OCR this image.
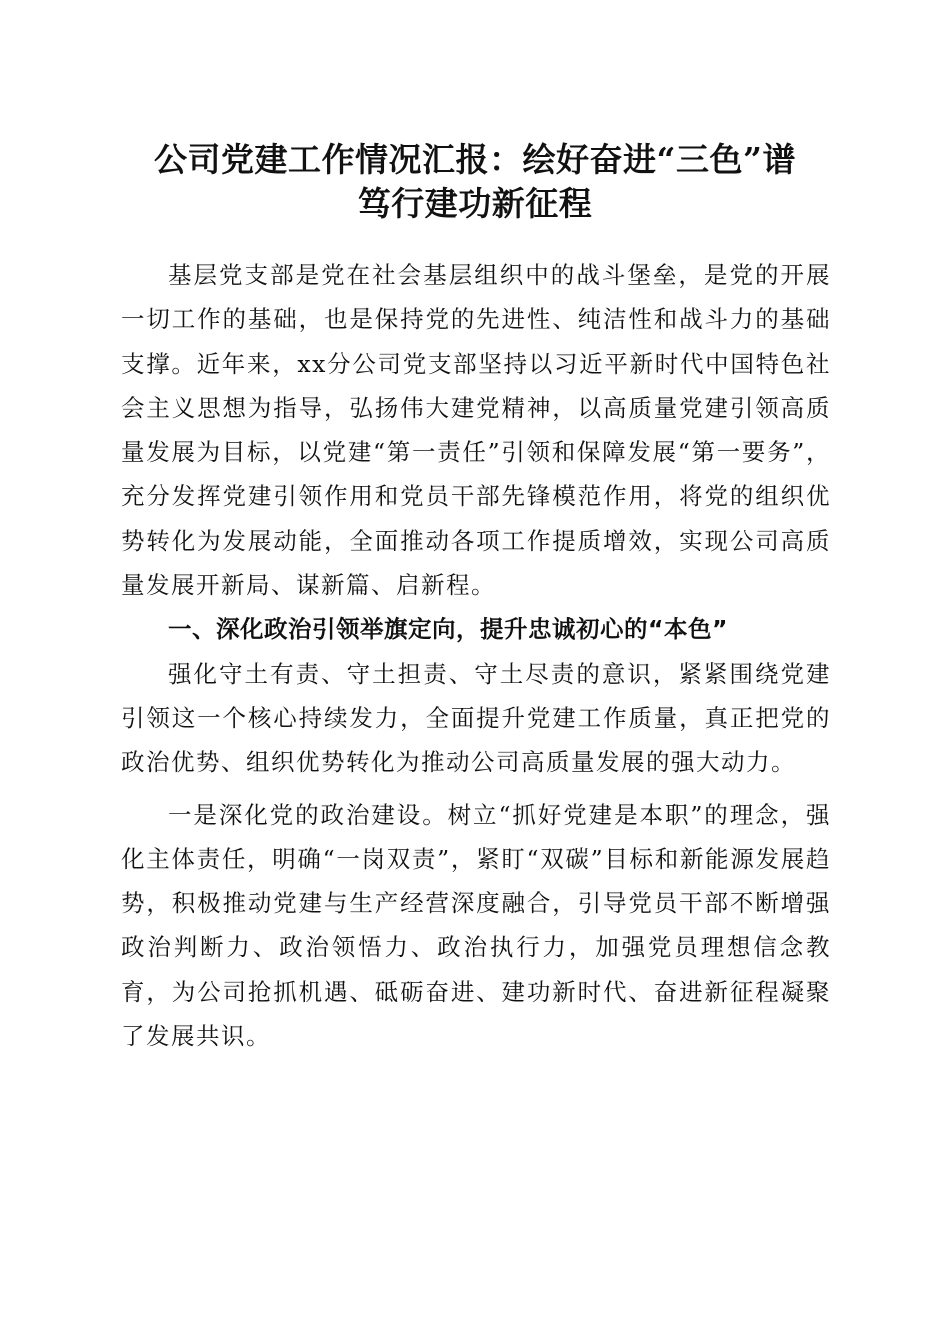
公司党建工作情况汇报：绘好奋进“三色”谱
笃行建功新征程

基层党支部是党在社会基层组织中的战斗堡垒，是党的开展一切工作的基础，也是保持党的先进性、纯洁性和战斗力的基础支撑。近年来，xx分公司党支部坚持以习近平新时代中国特色社会主义思想为指导，弘扬伟大建党精神，以高质量党建引领高质量发展为目标，以党建“第一责任”引领和保障发展“第一要务”，充分发挥党建引领作用和党员干部先锋模范作用，将党的组织优势转化为发展动能，全面推动各项工作提质增效，实现公司高质量发展开新局、谋新篇、启新程。

一、深化政治引领举旗定向，提升忠诚初心的“本色”

强化守土有责、守土担责、守土尽责的意识，紧紧围绕党建引领这一个核心持续发力，全面提升党建工作质量，真正把党的政治优势、组织优势转化为推动公司高质量发展的强大动力。

一是深化党的政治建设。树立“抓好党建是本职”的理念，强化主体责任，明确“一岗双责”，紧盯“双碳”目标和新能源发展趋势，积极推动党建与生产经营深度融合，引导党员干部不断增强政治判断力、政治领悟力、政治执行力，加强党员理想信念教育，为公司抢抓机遇、砥砺奋进、建功新时代、奋进新征程凝聚了发展共识。
